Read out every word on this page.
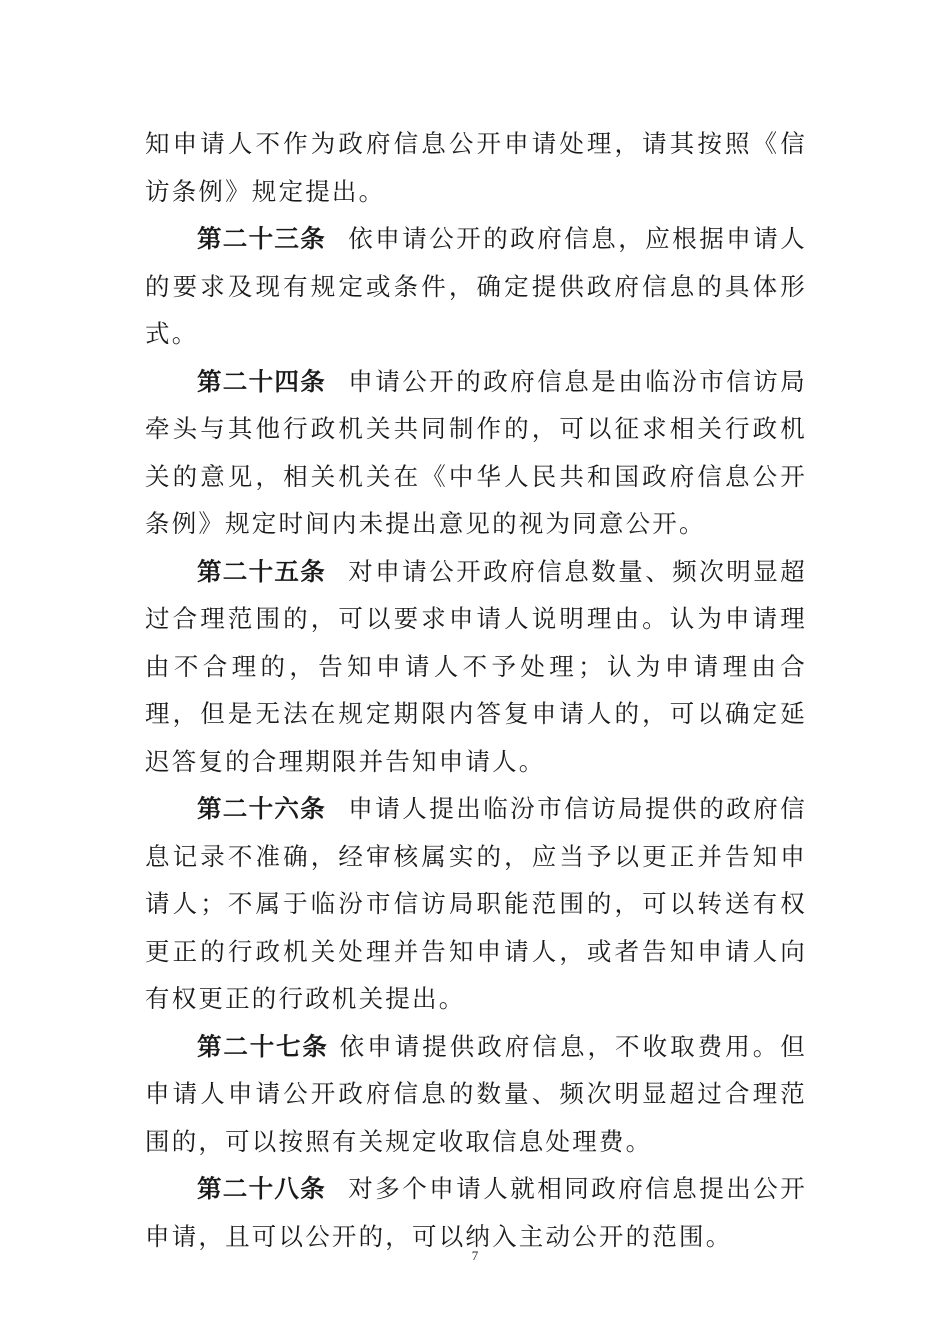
知申请人不作为政府信息公开申请处理，请其按照《信访条例》规定提出。

第二十三条 依申请公开的政府信息，应根据申请人的要求及现有规定或条件，确定提供政府信息的具体形式。

第二十四条 申请公开的政府信息是由临汾市信访局牵头与其他行政机关共同制作的，可以征求相关行政机关的意见，相关机关在《中华人民共和国政府信息公开条例》规定时间内未提出意见的视为同意公开。

第二十五条 对申请公开政府信息数量、频次明显超过合理范围的，可以要求申请人说明理由。认为申请理由不合理的，告知申请人不予处理；认为申请理由合理，但是无法在规定期限内答复申请人的，可以确定延迟答复的合理期限并告知申请人。

第二十六条 申请人提出临汾市信访局提供的政府信息记录不准确，经审核属实的，应当予以更正并告知申请人；不属于临汾市信访局职能范围的，可以转送有权更正的行政机关处理并告知申请人，或者告知申请人向有权更正的行政机关提出。

第二十七条 依申请提供政府信息，不收取费用。但申请人申请公开政府信息的数量、频次明显超过合理范围的，可以按照有关规定收取信息处理费。

第二十八条 对多个申请人就相同政府信息提出公开申请，且可以公开的，可以纳入主动公开的范围。

7
